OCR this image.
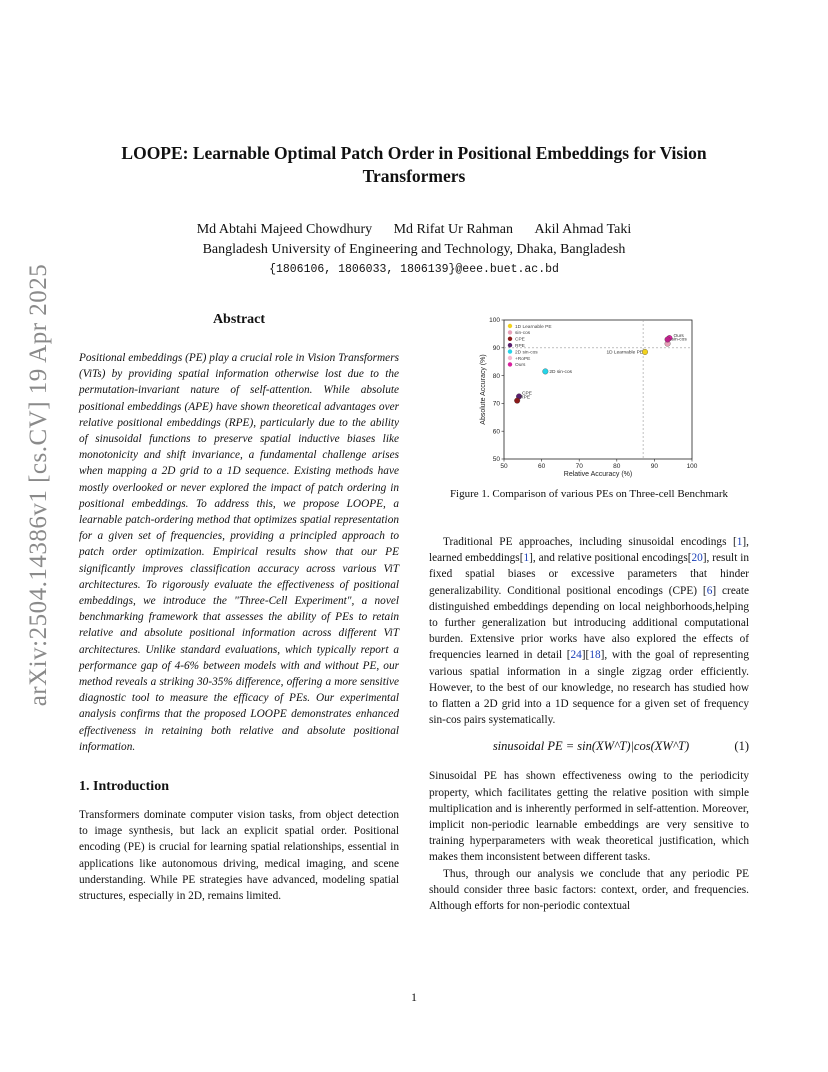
arXiv:2504.14386v1 [cs.CV] 19 Apr 2025
LOOPE: Learnable Optimal Patch Order in Positional Embeddings for Vision Transformers
Md Abtahi Majeed Chowdhury Md Rifat Ur Rahman Akil Ahmad Taki
Bangladesh University of Engineering and Technology, Dhaka, Bangladesh
{1806106, 1806033, 1806139}@eee.buet.ac.bd
Abstract

Positional embeddings (PE) play a crucial role in Vision Transformers (ViTs) by providing spatial information otherwise lost due to the permutation-invariant nature of self-attention. While absolute positional embeddings (APE) have shown theoretical advantages over relative positional embeddings (RPE), particularly due to the ability of sinusoidal functions to preserve spatial inductive biases like monotonicity and shift invariance, a fundamental challenge arises when mapping a 2D grid to a 1D sequence. Existing methods have mostly overlooked or never explored the impact of patch ordering in positional embeddings. To address this, we propose LOOPE, a learnable patch-ordering method that optimizes spatial representation for a given set of frequencies, providing a principled approach to patch order optimization. Empirical results show that our PE significantly improves classification accuracy across various ViT architectures. To rigorously evaluate the effectiveness of positional embeddings, we introduce the "Three-Cell Experiment", a novel benchmarking framework that assesses the ability of PEs to retain relative and absolute positional information across different ViT architectures. Unlike standard evaluations, which typically report a performance gap of 4-6% between models with and without PE, our method reveals a striking 30-35% difference, offering a more sensitive diagnostic tool to measure the efficacy of PEs. Our experimental analysis confirms that the proposed LOOPE demonstrates enhanced effectiveness in retaining both relative and absolute positional information.

1. Introduction

Transformers dominate computer vision tasks, from object detection to image synthesis, but lack an explicit spatial order. Positional encoding (PE) is crucial for learning spatial relationships, essential in applications like autonomous driving, medical imaging, and scene understanding. While PE strategies have advanced, modeling spatial structures, especially in 2D, remains limited.

50	60	70	80	90	100
50
60
70
80
90
100
Relative Accuracy (%)
Absolute Accuracy (%)
1D Learnable PE
sin-cos
CPE
RPE
2D sin-cos
+RoPE
Ours
1D Learnable PE
sin-cos
Ours
2D sin-cos
CPE
RPE
Figure 1. Comparison of various PEs on Three-cell Benchmark

Traditional PE approaches, including sinusoidal encodings [1], learned embeddings[1], and relative positional encodings[20], result in fixed spatial biases or excessive parameters that hinder generalizability. Conditional positional encodings (CPE) [6] create distinguished embeddings depending on local neighborhoods,helping to further generalization but introducing additional computational burden. Extensive prior works have also explored the effects of frequencies learned in detail [24][18], with the goal of representing various spatial information in a single zigzag order efficiently. However, to the best of our knowledge, no research has studied how to flatten a 2D grid into a 1D sequence for a given set of frequency sin-cos pairs systematically.

sinusoidal PE = sin(XW^T)|cos(XW^T)	(1)

Sinusoidal PE has shown effectiveness owing to the periodicity property, which facilitates getting the relative position with simple multiplication and is inherently performed in self-attention. Moreover, implicit non-periodic learnable embeddings are very sensitive to training hyperparameters with weak theoretical justification, which makes them inconsistent between different tasks.

Thus, through our analysis we conclude that any periodic PE should consider three basic factors: context, order, and frequencies. Although efforts for non-periodic contextual

1
